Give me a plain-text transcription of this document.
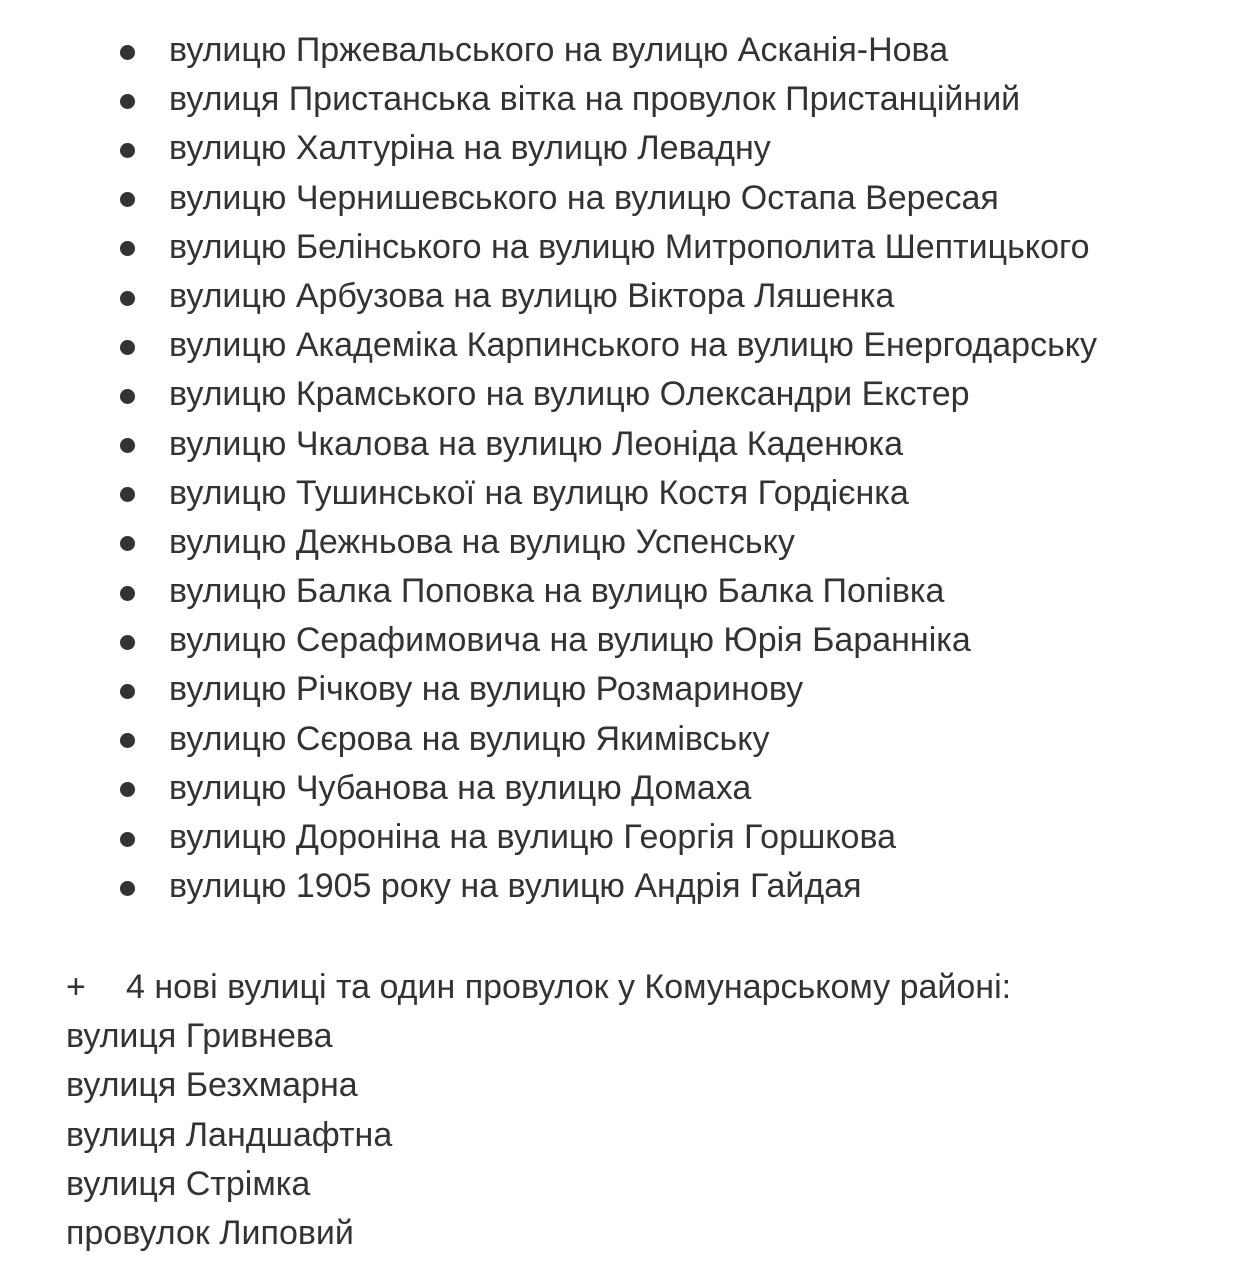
вулицю Пржевальського на вулицю Асканія-Нова
вулиця Пристанська вітка на провулок Пристанційний
вулицю Халтуріна на вулицю Левадну
вулицю Чернишевського на вулицю Остапа Вересая
вулицю Белінського на вулицю Митрополита Шептицького
вулицю Арбузова на вулицю Віктора Ляшенка
вулицю Академіка Карпинського на вулицю Енергодарську
вулицю Крамського на вулицю Олександри Екстер
вулицю Чкалова на вулицю Леоніда Каденюка
вулицю Тушинської на вулицю Костя Гордієнка
вулицю Дежньова на вулицю Успенську
вулицю Балка Поповка на вулицю Балка Попівка
вулицю Серафимовича на вулицю Юрія Баранніка
вулицю Річкову на вулицю Розмаринову
вулицю Сєрова на вулицю Якимівську
вулицю Чубанова на вулицю Домаха
вулицю Дороніна на вулицю Георгія Горшкова
вулицю 1905 року на вулицю Андрія Гайдая
+ 4 нові вулиці та один провулок у Комунарському районі:
вулиця Гривнева
вулиця Безхмарна
вулиця Ландшафтна
вулиця Стрімка
провулок Липовий
